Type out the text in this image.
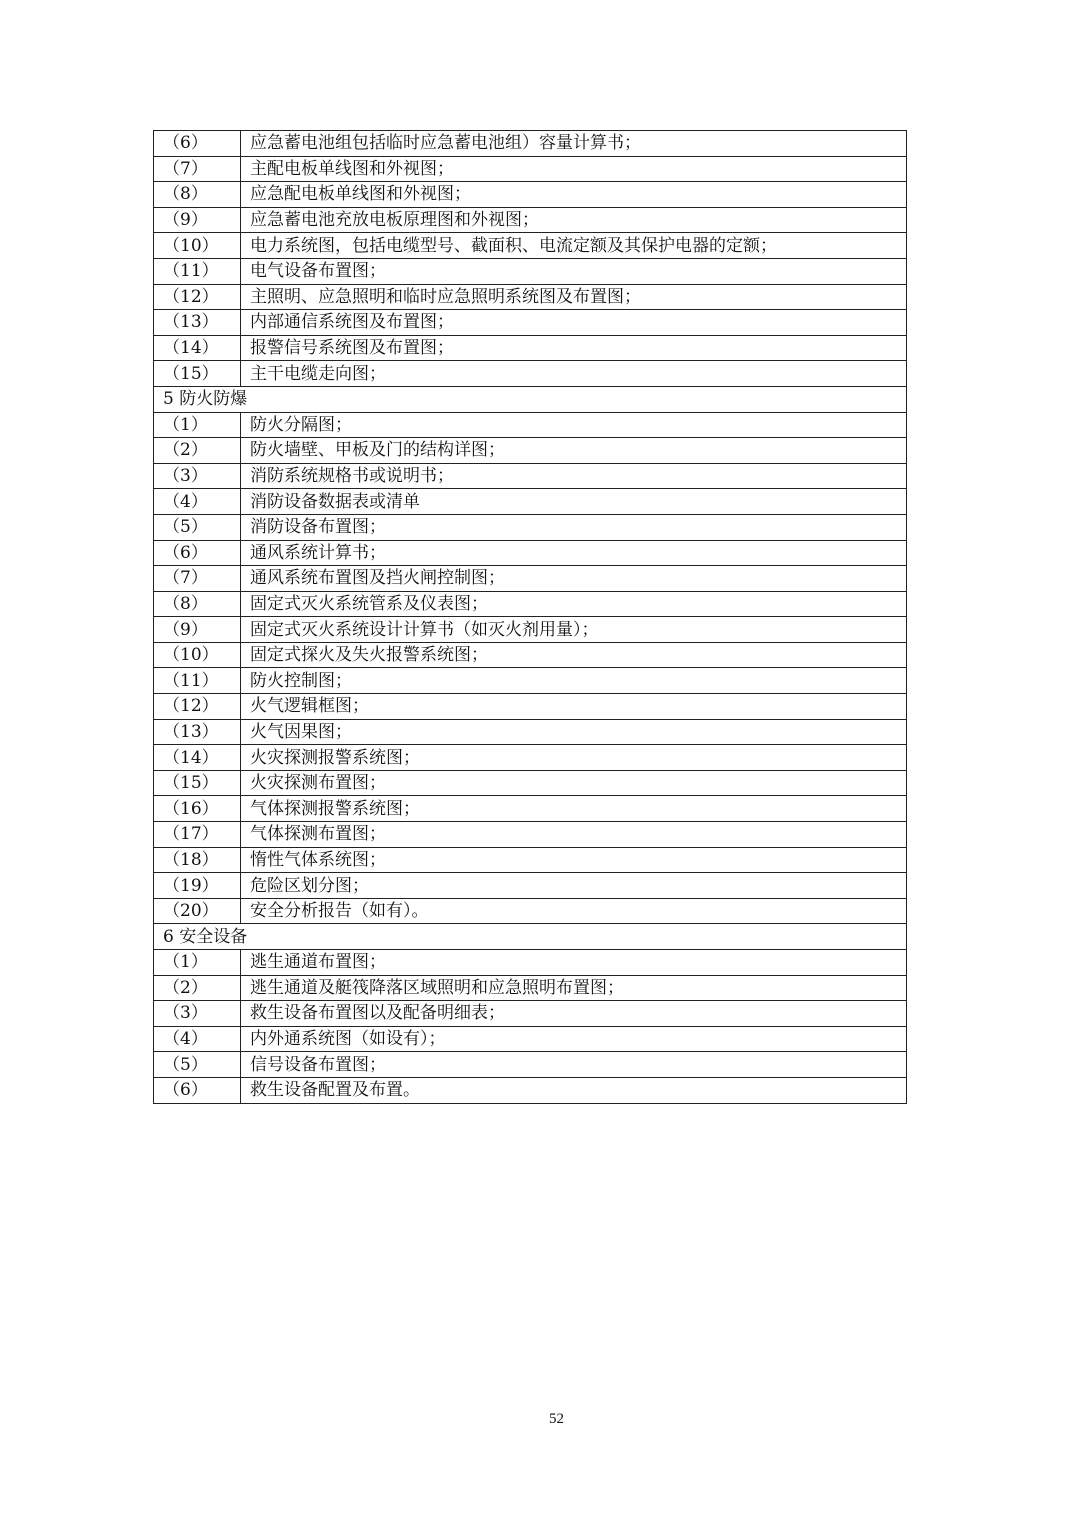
（6）	应急蓄电池组包括临时应急蓄电池组）容量计算书；
（7）	主配电板单线图和外视图；
（8）	应急配电板单线图和外视图；
（9）	应急蓄电池充放电板原理图和外视图；
（10）	电力系统图，包括电缆型号、截面积、电流定额及其保护电器的定额；
（11）	电气设备布置图；
（12）	主照明、应急照明和临时应急照明系统图及布置图；
（13）	内部通信系统图及布置图；
（14）	报警信号系统图及布置图；
（15）	主干电缆走向图；
5 防火防爆	
（1）	防火分隔图；
（2）	防火墙壁、甲板及门的结构详图；
（3）	消防系统规格书或说明书；
（4）	消防设备数据表或清单
（5）	消防设备布置图；
（6）	通风系统计算书；
（7）	通风系统布置图及挡火闸控制图；
（8）	固定式灭火系统管系及仪表图；
（9）	固定式灭火系统设计计算书（如灭火剂用量）；
（10）	固定式探火及失火报警系统图；
（11）	防火控制图；
（12）	火气逻辑框图；
（13）	火气因果图；
（14）	火灾探测报警系统图；
（15）	火灾探测布置图；
（16）	气体探测报警系统图；
（17）	气体探测布置图；
（18）	惰性气体系统图；
（19）	危险区划分图；
（20）	安全分析报告（如有）。
6 安全设备	
（1）	逃生通道布置图；
（2）	逃生通道及艇筏降落区域照明和应急照明布置图；
（3）	救生设备布置图以及配备明细表；
（4）	内外通系统图（如设有）；
（5）	信号设备布置图；
（6）	救生设备配置及布置。
52
